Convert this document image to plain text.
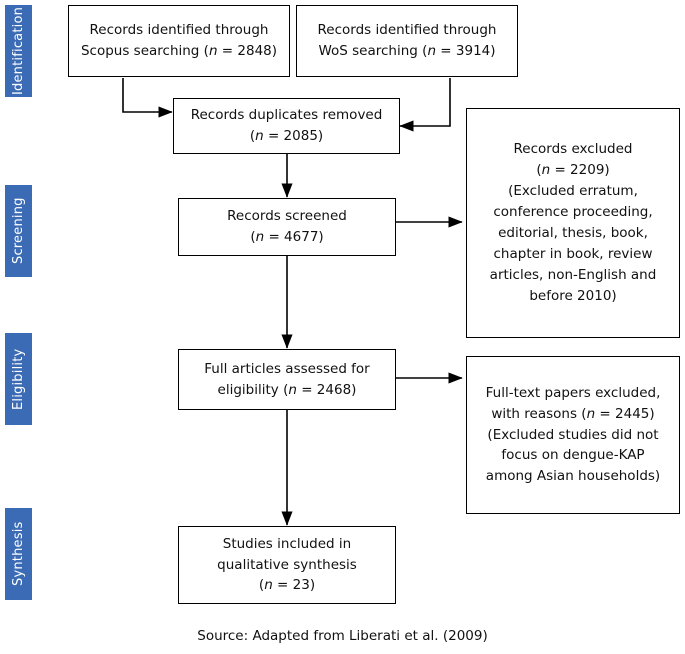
Identification
Screening
Eligibility
Synthesis
Records identified through
Scopus searching (n = 2848)
Records identified through
WoS searching (n = 3914)
Records duplicates removed
(n = 2085)
Records screened
(n = 4677)
Records excluded
(n = 2209)
(Excluded erratum,
conference proceeding,
editorial, thesis, book,
chapter in book, review
articles, non-English and
before 2010)
Full articles assessed for
eligibility (n = 2468)	Full-text papers excluded,
with reasons (n = 2445)
(Excluded studies did not
focus on dengue-KAP
among Asian households)
Studies included in
qualitative synthesis
(n = 23)
Source: Adapted from Liberati et al. (2009)
